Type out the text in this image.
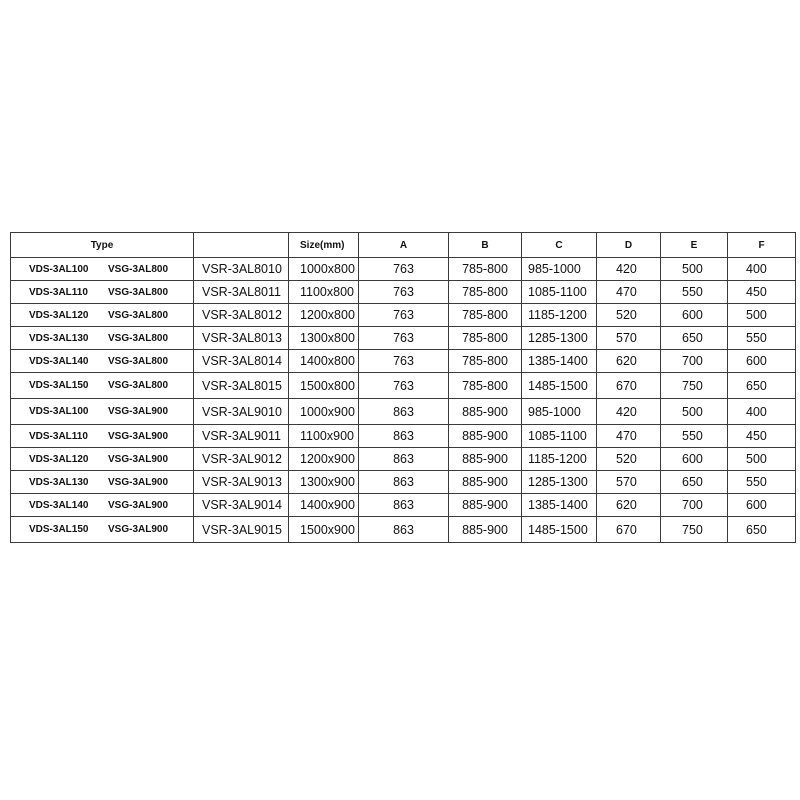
Type		Size(mm)	A	B	C	D	E	F
VDS-3AL100 VSG-3AL800	VSR-3AL8010	1000x800	763	785-800	985-1000	420	500	400
VDS-3AL110 VSG-3AL800	VSR-3AL8011	1100x800	763	785-800	1085-1100	470	550	450
VDS-3AL120 VSG-3AL800	VSR-3AL8012	1200x800	763	785-800	1185-1200	520	600	500
VDS-3AL130 VSG-3AL800	VSR-3AL8013	1300x800	763	785-800	1285-1300	570	650	550
VDS-3AL140 VSG-3AL800	VSR-3AL8014	1400x800	763	785-800	1385-1400	620	700	600
VDS-3AL150 VSG-3AL800	VSR-3AL8015	1500x800	763	785-800	1485-1500	670	750	650
VDS-3AL100 VSG-3AL900	VSR-3AL9010	1000x900	863	885-900	985-1000	420	500	400
VDS-3AL110 VSG-3AL900	VSR-3AL9011	1100x900	863	885-900	1085-1100	470	550	450
VDS-3AL120 VSG-3AL900	VSR-3AL9012	1200x900	863	885-900	1185-1200	520	600	500
VDS-3AL130 VSG-3AL900	VSR-3AL9013	1300x900	863	885-900	1285-1300	570	650	550
VDS-3AL140 VSG-3AL900	VSR-3AL9014	1400x900	863	885-900	1385-1400	620	700	600
VDS-3AL150 VSG-3AL900	VSR-3AL9015	1500x900	863	885-900	1485-1500	670	750	650
